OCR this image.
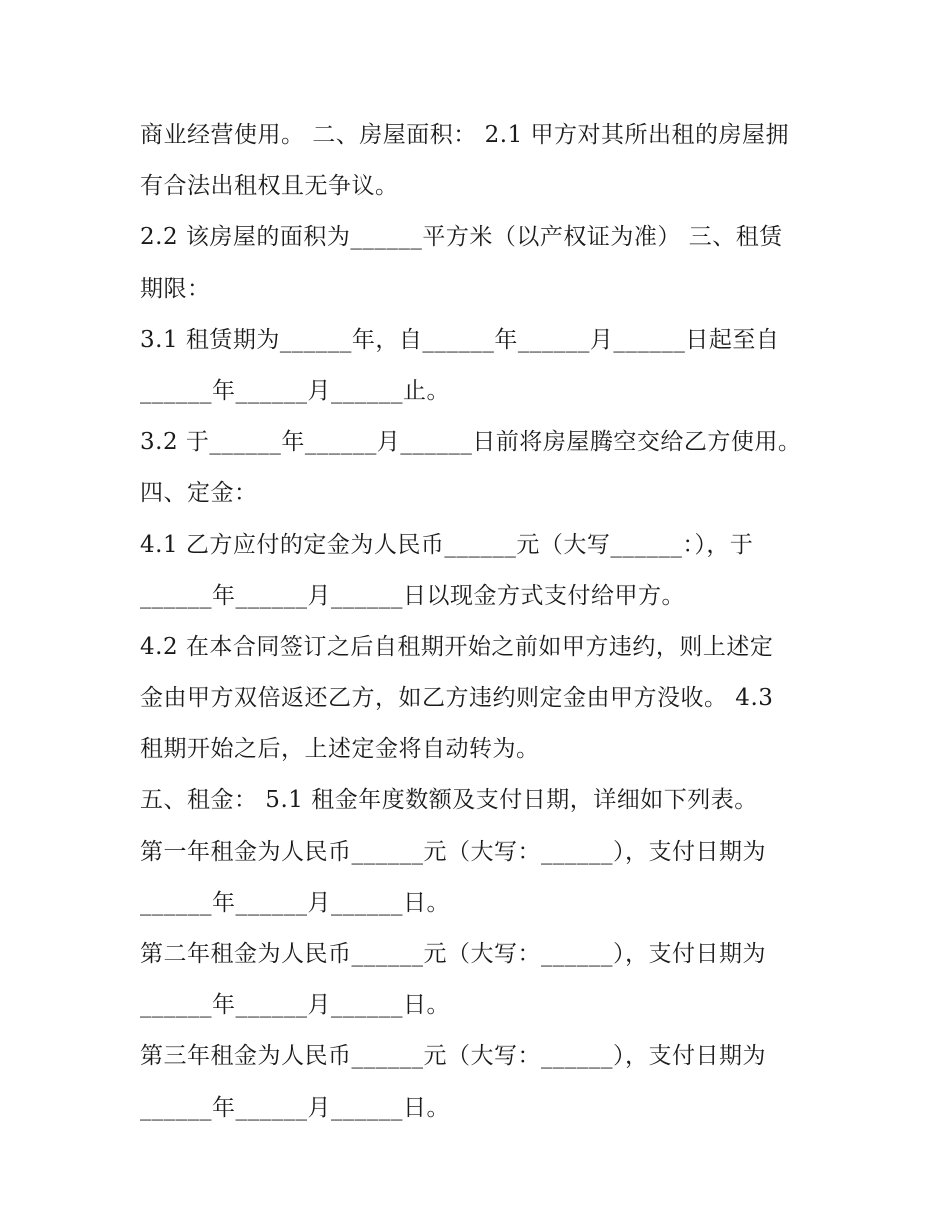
商业经营使用。 二、房屋面积： 2.1 甲方对其所出租的房屋拥
有合法出租权且无争议。
2.2 该房屋的面积为______平方米（以产权证为准） 三、租赁
期限：
3.1 租赁期为______年，自______年______月______日起至自
______年______月______止。
3.2 于______年______月______日前将房屋腾空交给乙方使用。
四、定金：
4.1 乙方应付的定金为人民币______元（大写______：），于
______年______月______日以现金方式支付给甲方。
4.2 在本合同签订之后自租期开始之前如甲方违约，则上述定
金由甲方双倍返还乙方，如乙方违约则定金由甲方没收。 4.3
租期开始之后，上述定金将自动转为。
五、租金： 5.1 租金年度数额及支付日期，详细如下列表。
第一年租金为人民币______元（大写：______），支付日期为
______年______月______日。
第二年租金为人民币______元（大写：______），支付日期为
______年______月______日。
第三年租金为人民币______元（大写：______），支付日期为
______年______月______日。
